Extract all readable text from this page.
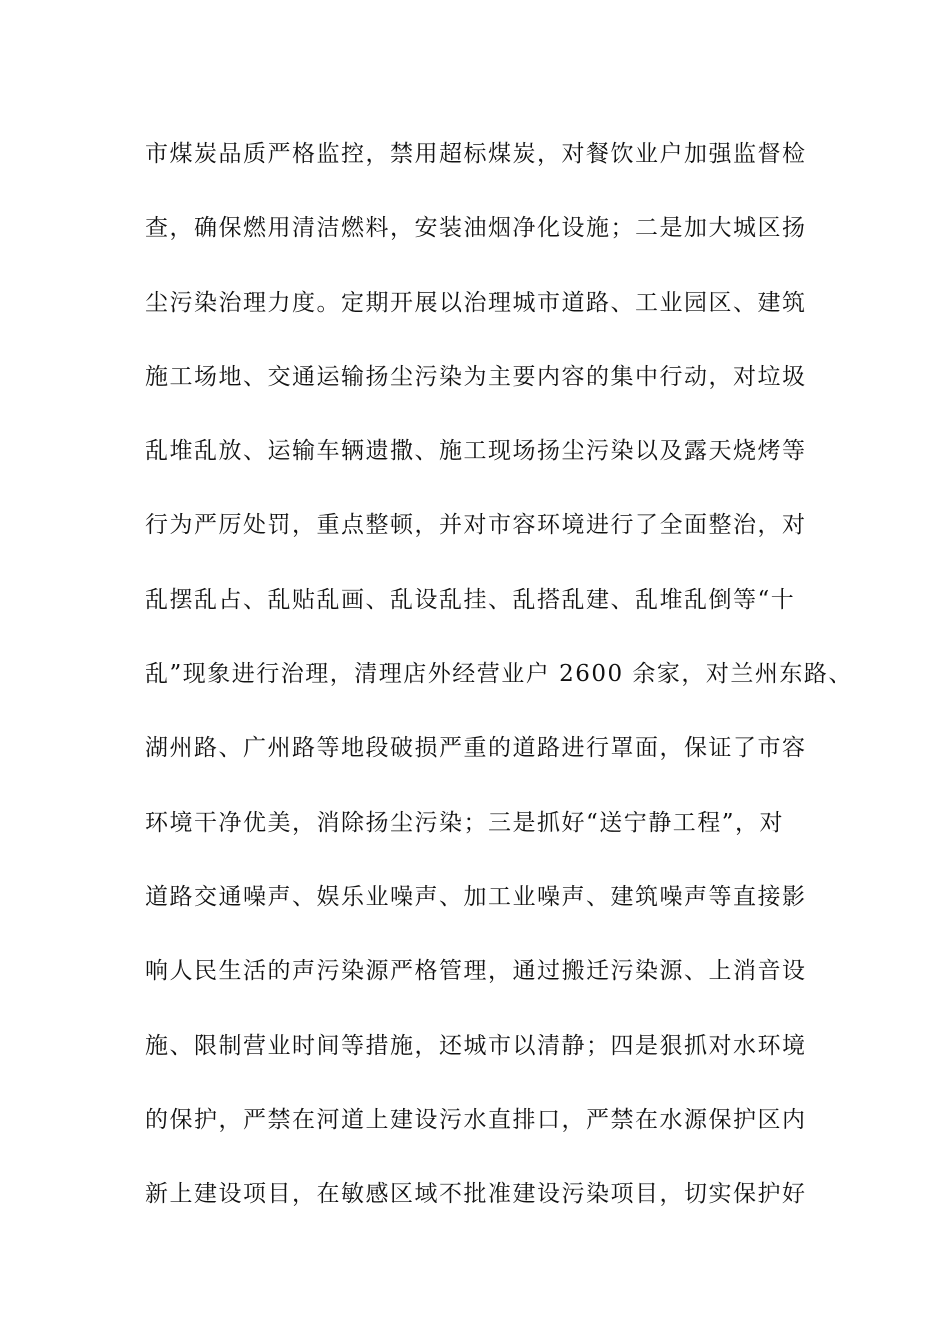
市煤炭品质严格监控，禁用超标煤炭，对餐饮业户加强监督检
查，确保燃用清洁燃料，安装油烟净化设施；二是加大城区扬
尘污染治理力度。定期开展以治理城市道路、工业园区、建筑
施工场地、交通运输扬尘污染为主要内容的集中行动，对垃圾
乱堆乱放、运输车辆遗撒、施工现场扬尘污染以及露天烧烤等
行为严厉处罚，重点整顿，并对市容环境进行了全面整治，对
乱摆乱占、乱贴乱画、乱设乱挂、乱搭乱建、乱堆乱倒等“十
乱”现象进行治理，清理店外经营业户 2600 余家，对兰州东路、
湖州路、广州路等地段破损严重的道路进行罩面，保证了市容
环境干净优美，消除扬尘污染；三是抓好“送宁静工程”，对
道路交通噪声、娱乐业噪声、加工业噪声、建筑噪声等直接影
响人民生活的声污染源严格管理，通过搬迁污染源、上消音设
施、限制营业时间等措施，还城市以清静；四是狠抓对水环境
的保护，严禁在河道上建设污水直排口，严禁在水源保护区内
新上建设项目，在敏感区域不批准建设污染项目，切实保护好
